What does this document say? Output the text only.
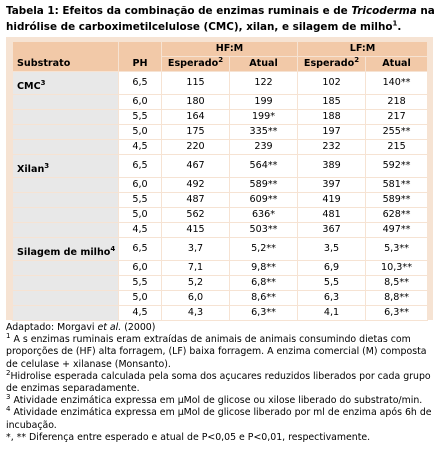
Tabela 1: Efeitos da combinação de enzimas ruminais e de Tricoderma na
hidrólise de carboximetilcelulose (CMC), xilan, e silagem de milho$^1$.
Substrato	PH	HF:M		LF:M	
		Esperado$^2$	Atual	Esperado$^2$	Atual
CMC$^3$	6,5	115	122	102	140**
	6,0	180	199	185	218
	5,5	164	199*	188	217
	5,0	175	335**	197	255**
	4,5	220	239	232	215
Xilan$^3$	6,5	467	564**	389	592**
	6,0	492	589**	397	581**
	5,5	487	609**	419	589**
	5,0	562	636*	481	628**
	4,5	415	503**	367	497**
Silagem de milho$^4$	6,5	3,7	5,2**	3,5	5,3**
	6,0	7,1	9,8**	6,9	10,3**
	5,5	5,2	6,8**	5,5	8,5**
	5,0	6,0	8,6**	6,3	8,8**
	4,5	4,3	6,3**	4,1	6,3**

Adaptado: Morgavi et al. (2000)

$^1$ A s enzimas ruminais eram extraídas de animais de animais consumindo dietas com proporções de (HF) alta forragem, (LF) baixa forragem. A enzima comercial (M) composta de celulase + xilanase (Monsanto).

$^2$Hidrolise esperada calculada pela soma dos açucares reduzidos liberados por cada grupo de enzimas separadamente.

$^3$ Atividade enzimática expressa em µMol de glicose ou xilose liberado do substrato/min.

$^4$ Atividade enzimática expressa em µMol de glicose liberado por ml de enzima após 6h de incubação.

*, ** Diferença entre esperado e atual de P<0,05 e P<0,01, respectivamente.
